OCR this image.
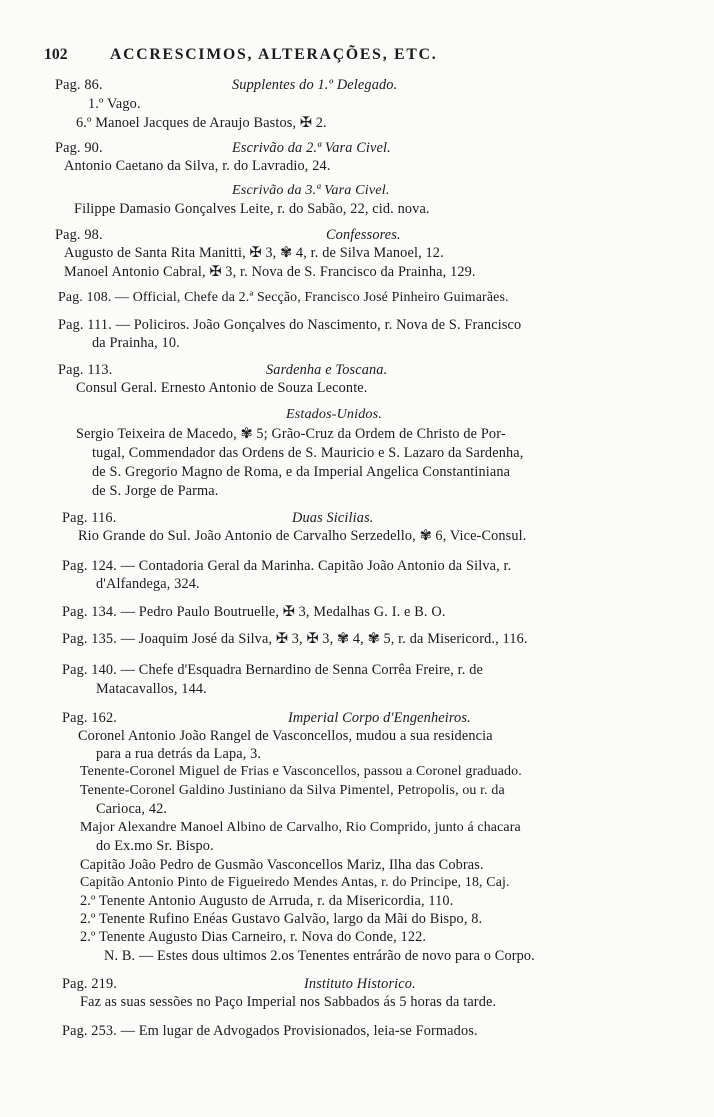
102	ACCRESCIMOS, ALTERAÇÕES, ETC.
Pag. 86.	Supplentes do 1.º Delegado.
1.º Vago.
6.º Manoel Jacques de Araujo Bastos, ✠ 2.
Pag. 90.	Escrivão da 2.ª Vara Civel.
Antonio Caetano da Silva, r. do Lavradio, 24.
Escrivão da 3.ª Vara Civel.
Filippe Damasio Gonçalves Leite, r. do Sabão, 22, cid. nova.
Pag. 98.	Confessores.
Augusto de Santa Rita Manitti, ✠ 3, ✾ 4, r. de Silva Manoel, 12.
Manoel Antonio Cabral, ✠ 3, r. Nova de S. Francisco da Prainha, 129.
Pag. 108. — Official, Chefe da 2.ª Secção, Francisco José Pinheiro Guimarães.
Pag. 111. — Policiros. João Gonçalves do Nascimento, r. Nova de S. Francisco
da Prainha, 10.
Pag. 113.	Sardenha e Toscana.
Consul Geral. Ernesto Antonio de Souza Leconte.
Estados-Unidos.
Sergio Teixeira de Macedo, ✾ 5; Grão-Cruz da Ordem de Christo de Por-
tugal, Commendador das Ordens de S. Mauricio e S. Lazaro da Sardenha,
de S. Gregorio Magno de Roma, e da Imperial Angelica Constantiniana
de S. Jorge de Parma.
Pag. 116.	Duas Sicilias.
Rio Grande do Sul. João Antonio de Carvalho Serzedello, ✾ 6, Vice-Consul.
Pag. 124. — Contadoria Geral da Marinha. Capitão João Antonio da Silva, r.
d'Alfandega, 324.
Pag. 134. — Pedro Paulo Boutruelle, ✠ 3, Medalhas G. I. e B. O.
Pag. 135. — Joaquim José da Silva, ✠ 3, ✠ 3, ✾ 4, ✾ 5, r. da Misericord., 116.
Pag. 140. — Chefe d'Esquadra Bernardino de Senna Corrêa Freire, r. de
Matacavallos, 144.
Pag. 162.	Imperial Corpo d'Engenheiros.
Coronel Antonio João Rangel de Vasconcellos, mudou a sua residencia
para a rua detrás da Lapa, 3.
Tenente-Coronel Miguel de Frias e Vasconcellos, passou a Coronel graduado.
Tenente-Coronel Galdino Justiniano da Silva Pimentel, Petropolis, ou r. da
Carioca, 42.
Major Alexandre Manoel Albino de Carvalho, Rio Comprido, junto á chacara
do Ex.mo Sr. Bispo.
Capitão João Pedro de Gusmão Vasconcellos Mariz, Ilha das Cobras.
Capitão Antonio Pinto de Figueiredo Mendes Antas, r. do Principe, 18, Caj.
2.º Tenente Antonio Augusto de Arruda, r. da Misericordia, 110.
2.º Tenente Rufino Enéas Gustavo Galvão, largo da Mãi do Bispo, 8.
2.º Tenente Augusto Dias Carneiro, r. Nova do Conde, 122.
N. B. — Estes dous ultimos 2.os Tenentes entrárão de novo para o Corpo.
Pag. 219.	Instituto Historico.
Faz as suas sessões no Paço Imperial nos Sabbados ás 5 horas da tarde.
Pag. 253. — Em lugar de Advogados Provisionados, leia-se Formados.
